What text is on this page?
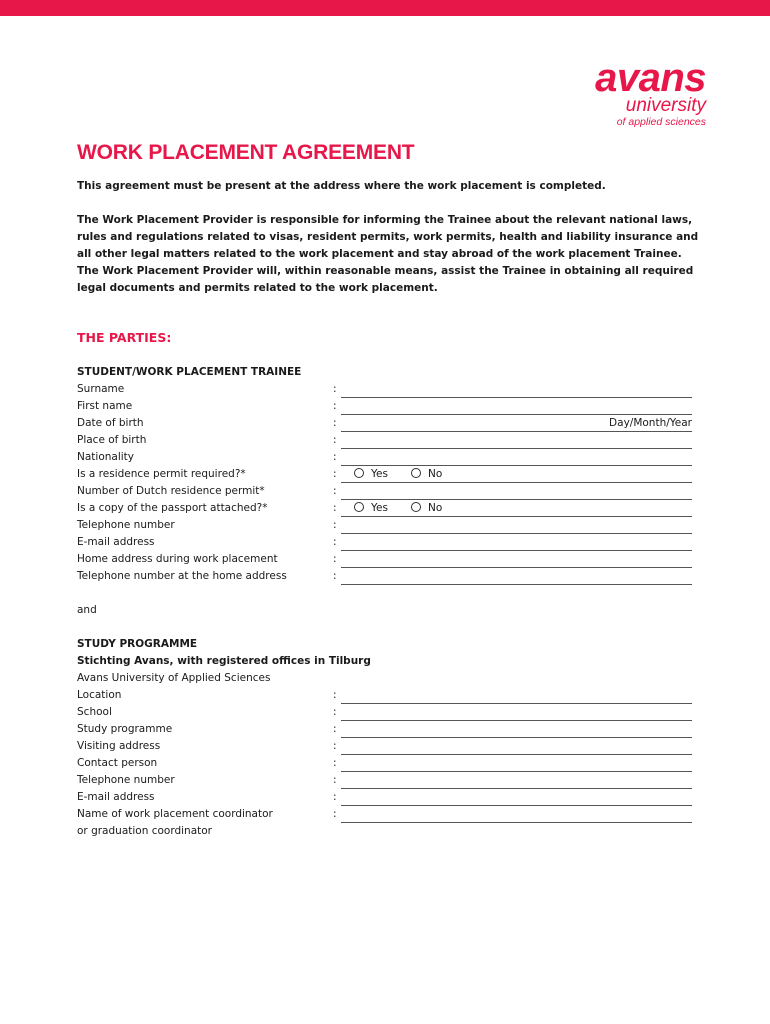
avans
university
of applied sciences
WORK PLACEMENT AGREEMENT
This agreement must be present at the address where the work placement is completed.
The Work Placement Provider is responsible for informing the Trainee about the relevant national laws, rules and regulations related to visas, resident permits, work permits, health and liability insurance and all other legal matters related to the work placement and stay abroad of the work placement Trainee. The Work Placement Provider will, within reasonable means, assist the Trainee in obtaining all required legal documents and permits related to the work placement.
THE PARTIES:
STUDENT/WORK PLACEMENT TRAINEE
Surname	:
First name	:
Date of birth	:	Day/Month/Year
Place of birth	:
Nationality	:
Is a residence permit required?*	:	Yes	No
Number of Dutch residence permit*	:
Is a copy of the passport attached?*	:	Yes	No
Telephone number	:
E-mail address	:
Home address during work placement	:
Telephone number at the home address	:
and
STUDY PROGRAMME
Stichting Avans, with registered offices in Tilburg
Avans University of Applied Sciences
Location	:
School	:
Study programme	:
Visiting address	:
Contact person	:
Telephone number	:
E-mail address	:
Name of work placement coordinator	:
or graduation coordinator
